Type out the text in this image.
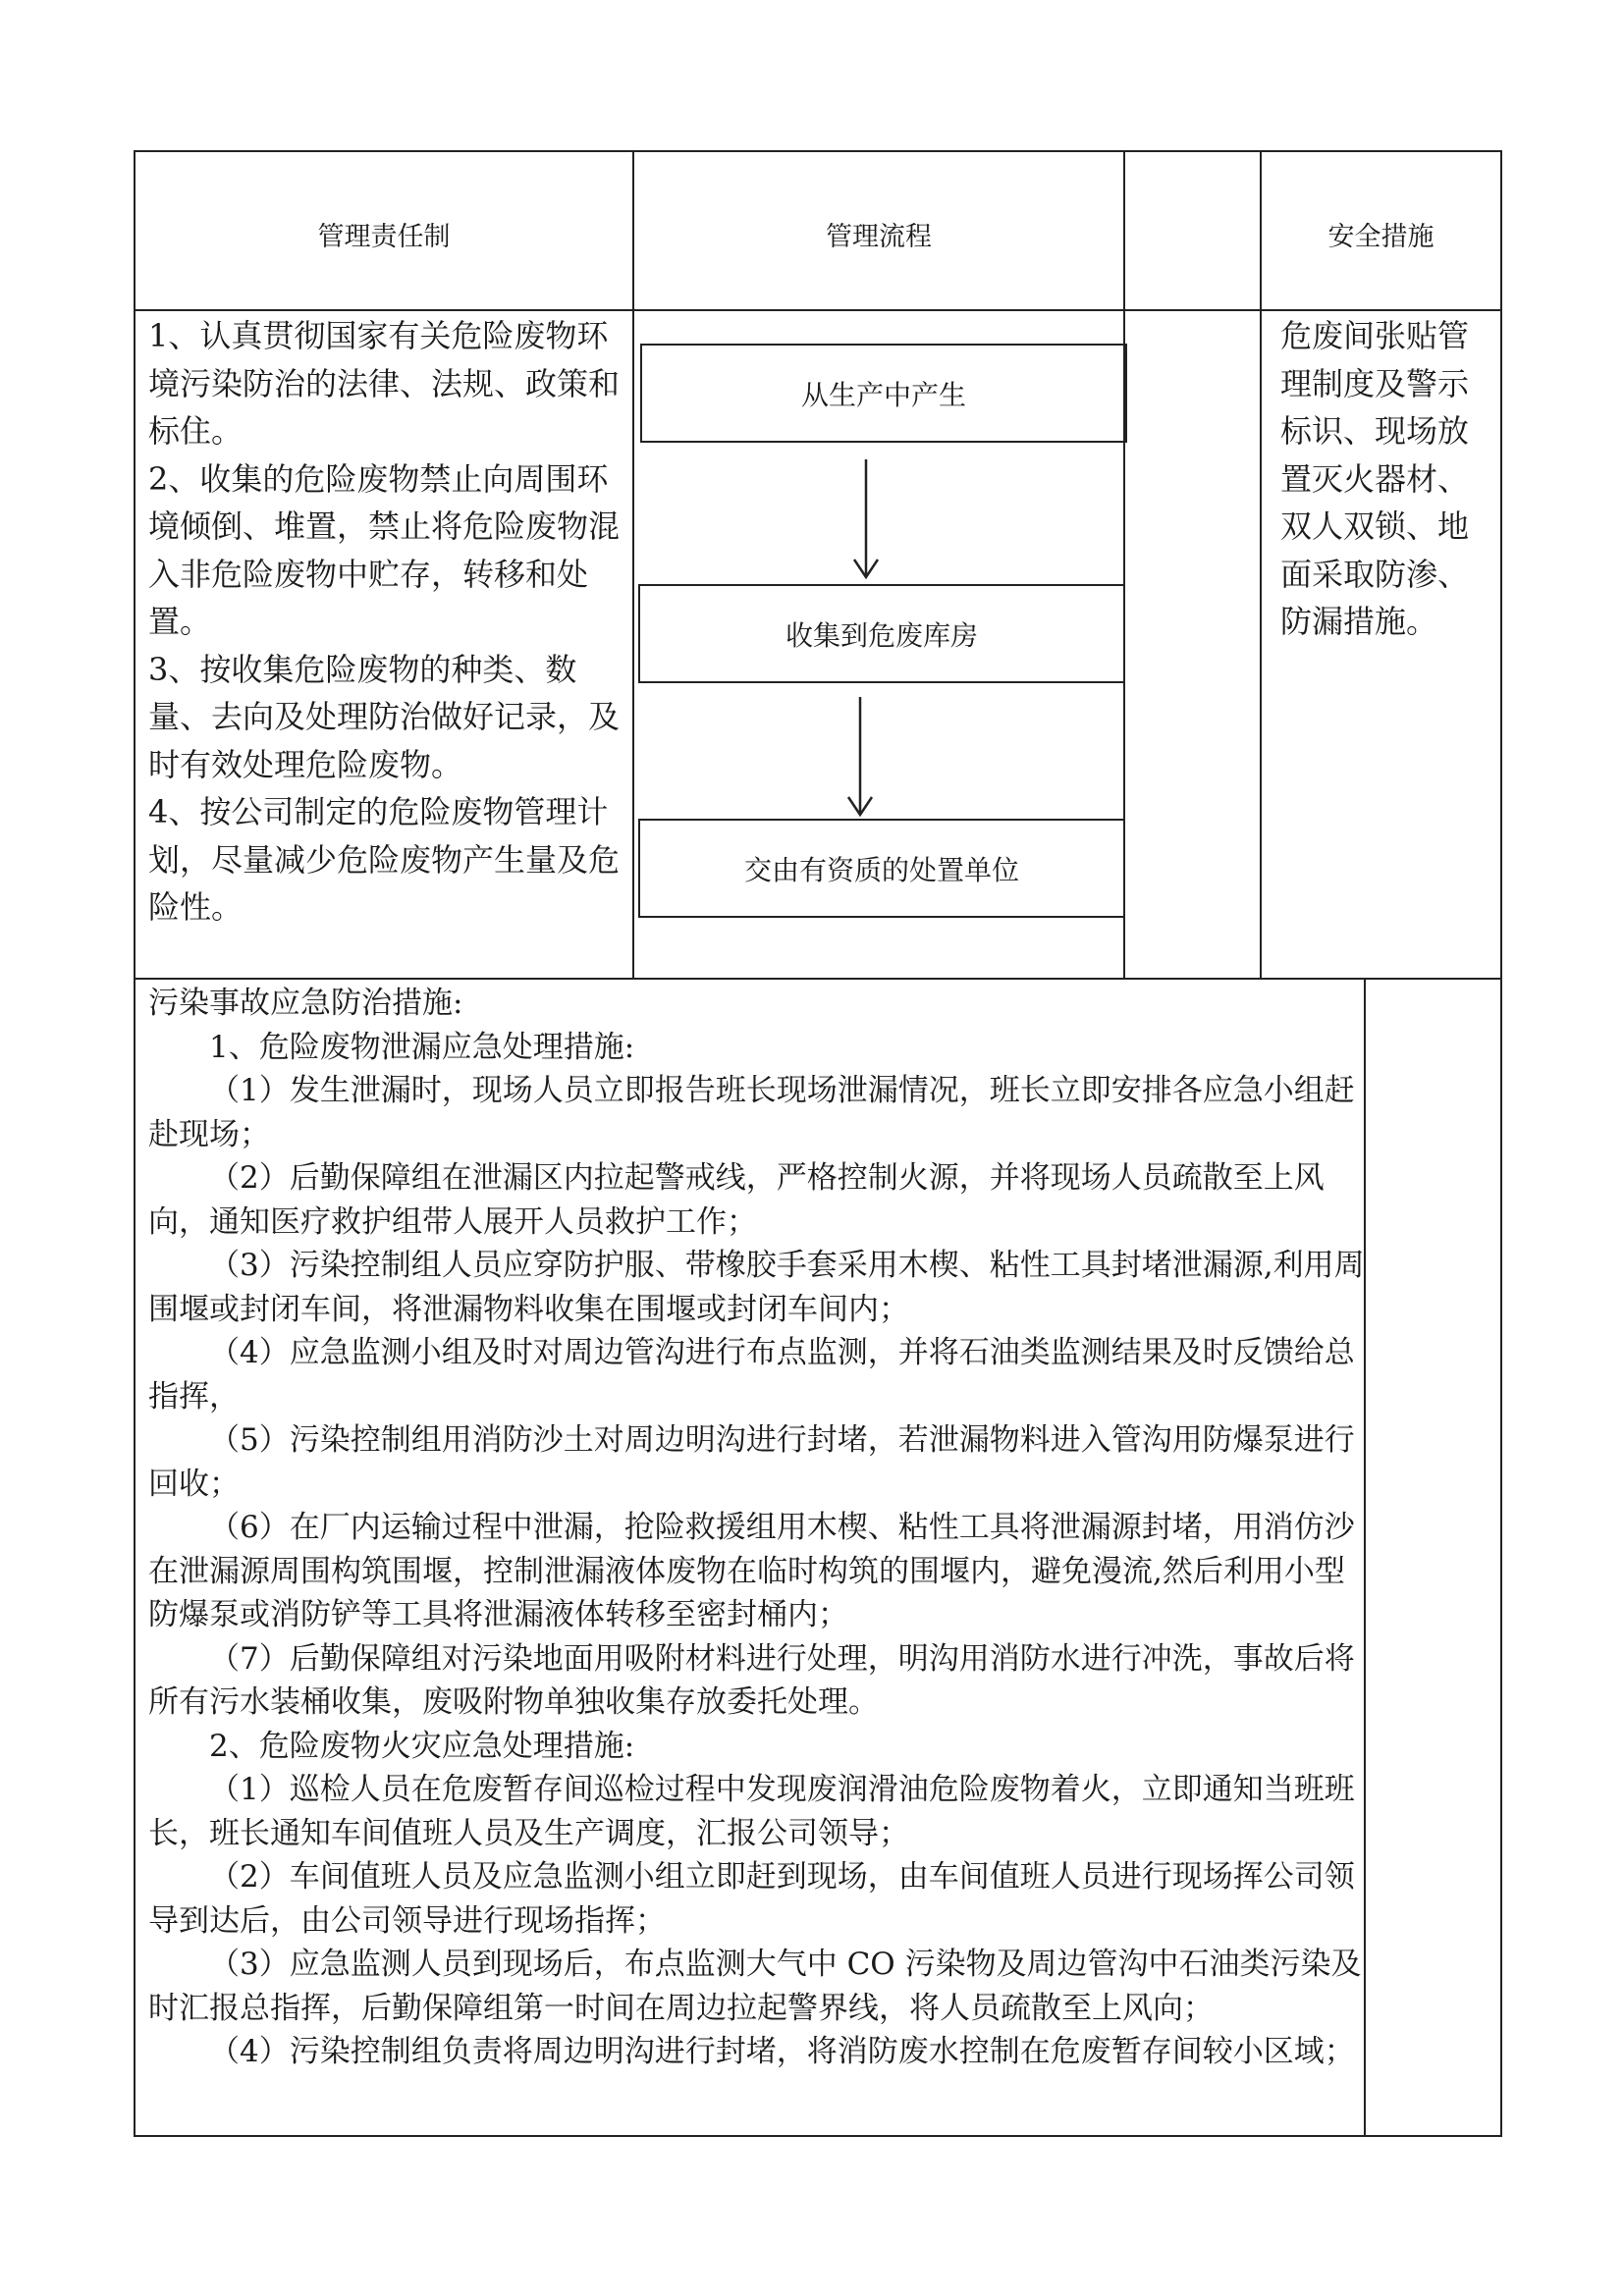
管理责任制	管理流程	安全措施

1、认真贯彻国家有关危险废物环境污染防治的法律、法规、政策和标住。

2、收集的危险废物禁止向周围环境倾倒、堆置，禁止将危险废物混入非危险废物中贮存，转移和处置。

3、按收集危险废物的种类、数量、去向及处理防治做好记录，及时有效处理危险废物。

4、按公司制定的危险废物管理计划，尽量减少危险废物产生量及危险性。

从生产中产生
收集到危废库房
交由有资质的处置单位
危废间张贴管理制度及警示标识、现场放置灭火器材、双人双锁、地面采取防渗、防漏措施。

污染事故应急防治措施:

1、危险废物泄漏应急处理措施:

（1）发生泄漏时，现场人员立即报告班长现场泄漏情况，班长立即安排各应急小组赶赴现场；

（2）后勤保障组在泄漏区内拉起警戒线，严格控制火源，并将现场人员疏散至上风向，通知医疗救护组带人展开人员救护工作；

（3）污染控制组人员应穿防护服、带橡胶手套采用木楔、粘性工具封堵泄漏源,利用周围堰或封闭车间，将泄漏物料收集在围堰或封闭车间内；

（4）应急监测小组及时对周边管沟进行布点监测，并将石油类监测结果及时反馈给总指挥，

（5）污染控制组用消防沙土对周边明沟进行封堵，若泄漏物料进入管沟用防爆泵进行回收；

（6）在厂内运输过程中泄漏，抢险救援组用木楔、粘性工具将泄漏源封堵，用消仿沙在泄漏源周围构筑围堰，控制泄漏液体废物在临时构筑的围堰内，避免漫流,然后利用小型防爆泵或消防铲等工具将泄漏液体转移至密封桶内；

（7）后勤保障组对污染地面用吸附材料进行处理，明沟用消防水进行冲洗，事故后将所有污水装桶收集，废吸附物单独收集存放委托处理。

2、危险废物火灾应急处理措施:

（1）巡检人员在危废暂存间巡检过程中发现废润滑油危险废物着火，立即通知当班班长，班长通知车间值班人员及生产调度，汇报公司领导；

（2）车间值班人员及应急监测小组立即赶到现场，由车间值班人员进行现场挥公司领导到达后，由公司领导进行现场指挥；

（3）应急监测人员到现场后，布点监测大气中 CO 污染物及周边管沟中石油类污染及时汇报总指挥，后勤保障组第一时间在周边拉起警界线，将人员疏散至上风向；

（4）污染控制组负责将周边明沟进行封堵，将消防废水控制在危废暂存间较小区域；
